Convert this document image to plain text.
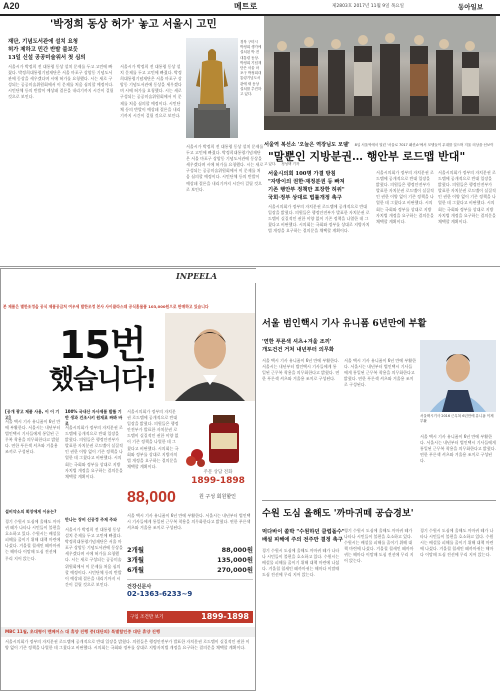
A20	메트로	제2803호 2017년 11월 9일 목요일	동아일보
'박정희 동상 허가' 놓고 서울시 고민
재단, 기념도서관에 설치 요청
허가 제하고 민간 반발 불보듯
13일 신설 공공미술위서 첫 심의
서울시가 박정희 전 대통령 동상 설치 문제를 두고 고민에 빠졌다. 박정희대통령기념재단은 서울 마포구 상암동 기념도서관에 동상을 세우겠다며 시에 허가를 요청했다. 시는 새로 구성되는 공공미술위원회에서 이 문제를 처음 심의할 예정이다. 시민단체 등의 반발이 예상돼 결론을 내리기까지 시간이 걸릴 것으로 보인다.
서울시가 박정희 전 대통령 동상 설치 문제를 두고 고민에 빠졌다. 박정희대통령기념재단은 서울 마포구 상암동 기념도서관에 동상을 세우겠다며 시에 허가를 요청했다. 시는 새로 구성되는 공공미술위원회에서 이 문제를 처음 심의할 예정이다. 시민단체 등의 반발이 예상돼 결론을 내리기까지 시간이 걸릴 것으로 보인다.
경북 구미시 박정희 생가에 설치된 박 전 대통령 동상. 박정희 기념재단은 서울 마포구 박정희대통령기념도서관에 새 동상 설치를 추진하고 있다.
서울역 복선소 '오늘은 역장님도 모델' 8일 서울역에서 열린 '서울로 7017 패션쇼'에서 모델들이 무대를 걸으며 겨울 의상을 선보이고 있다. 정성택 기자
서울시가 박정희 전 대통령 동상 설치 문제를 두고 고민에 빠졌다. 박정희대통령기념재단은 서울 마포구 상암동 기념도서관에 동상을 세우겠다며 시에 허가를 요청했다. 시는 새로 구성되는 공공미술위원회에서 이 문제를 처음 심의할 예정이다. 시민단체 등의 반발이 예상돼 결론을 내리기까지 시간이 걸릴 것으로 보인다.
"말뿐인 지방분권… 행안부 로드맵 반대"
서울시의회 100명 가결 방침
"자방이의 권한·재정분권 등 빠져
기존 행안부 정책만 포장한 허위"
국회·정부 상대로 법률개정 촉구
서울시의회가 정부의 자치분권 로드맵에 공개적으로 반대 입장을 밝혔다. 의원들은 행정안전부가 발표한 자치분권 로드맵이 실질적인 권한 이양 없이 기존 정책을 나열한 데 그쳤다고 비판했다. 시의회는 국회와 정부를 상대로 지방자치법 개정을 요구하는 결의문을 채택할 계획이다.
서울시의회가 정부의 자치분권 로드맵에 공개적으로 반대 입장을 밝혔다. 의원들은 행정안전부가 발표한 자치분권 로드맵이 실질적인 권한 이양 없이 기존 정책을 나열한 데 그쳤다고 비판했다. 시의회는 국회와 정부를 상대로 지방자치법 개정을 요구하는 결의문을 채택할 계획이다.
서울시의회가 정부의 자치분권 로드맵에 공개적으로 반대 입장을 밝혔다. 의원들은 행정안전부가 발표한 자치분권 로드맵이 실질적인 권한 이양 없이 기존 정책을 나열한 데 그쳤다고 비판했다. 시의회는 국회와 정부를 상대로 지방자치법 개정을 요구하는 결의문을 채택할 계획이다.
INPEELA
본 제품은 별한조정을 공식 제품공급처 여우세 발한조정 본사 사이클라스데 공식홈물품 103,000원으로 판매하고 있습니다
15번
했습니다!
[공개 광고 제품 사용, 이 이 기고]
서울 택시 기사 유니폼이 6년 만에 부활한다. 서울시는 내년부터 법인택시 기사들에게 통일된 근무복 착용을 의무화한다고 밝혔다. 연한 푸른색 셔츠와 겨울용 조끼로 구성된다.
설비약소의 회장에게 이유는?
경기 수원시 도심에 올해도 까마귀 떼가 나타나 시민들이 불편을 호소하고 있다. 수원시는 배설물 피해를 줄이기 위해 대책 마련에 나섰다. 겨울철 철새인 떼까마귀는 해마다 이맘때 도심 전선에 무리 지어 앉는다.
100% 국내산 자사제품 발틀 기반 생과 건조시키 원재료 짜봐 바로
서울시의회가 정부의 자치분권 로드맵에 공개적으로 반대 입장을 밝혔다. 의원들은 행정안전부가 발표한 자치분권 로드맵이 실질적인 권한 이양 없이 기존 정책을 나열한 데 그쳤다고 비판했다. 시의회는 국회와 정부를 상대로 지방자치법 개정을 요구하는 결의문을 채택할 계획이다.
만나는 장비 신공정 주제 주와
서울시가 박정희 전 대통령 동상 설치 문제를 두고 고민에 빠졌다. 박정희대통령기념재단은 서울 마포구 상암동 기념도서관에 동상을 세우겠다며 시에 허가를 요청했다. 시는 새로 구성되는 공공미술위원회에서 이 문제를 처음 심의할 예정이다. 시민단체 등의 반발이 예상돼 결론을 내리기까지 시간이 걸릴 것으로 보인다.
서울시의회가 정부의 자치분권 로드맵에 공개적으로 반대 입장을 밝혔다. 의원들은 행정안전부가 발표한 자치분권 로드맵이 실질적인 권한 이양 없이 기존 정책을 나열한 데 그쳤다고 비판했다. 시의회는 국회와 정부를 상대로 지방자치법 개정을 요구하는 결의문을 채택할 계획이다.
주문 상담 전화
1899-1898
88,000	원 구성 회원할인
서울 택시 기사 유니폼이 6년 만에 부활한다. 서울시는 내년부터 법인택시 기사들에게 통일된 근무복 착용을 의무화한다고 밝혔다. 연한 푸른색 셔츠와 겨울용 조끼로 구성된다.
2개월	88,000원
3개월	135,000원
6개월	270,000원
건강신문사
02-1363-6233~9
구입 조건만 보기	1899-1898
MBC 11월, 초대형이 맨페어스 대 휴양 진행 중(대단의) 특별할인중 대단 휴양 진행
서울시의회가 정부의 자치분권 로드맵에 공개적으로 반대 입장을 밝혔다. 의원들은 행정안전부가 발표한 자치분권 로드맵이 실질적인 권한 이양 없이 기존 정책을 나열한 데 그쳤다고 비판했다. 시의회는 국회와 정부를 상대로 지방자치법 개정을 요구하는 결의문을 채택할 계획이다.
서울 범인핵시 기사 유니폼 6년만에 부활
'연한 푸른색 셔츠+겨울 조끼'
개도건건 거처 내년부터 의무화
서울 택시 기사 유니폼이 6년 만에 부활한다. 서울시는 내년부터 법인택시 기사들에게 통일된 근무복 착용을 의무화한다고 밝혔다. 연한 푸른색 셔츠와 겨울용 조끼로 구성된다.
서울 택시 기사 유니폼이 6년 만에 부활한다. 서울시는 내년부터 법인택시 기사들에게 통일된 근무복 착용을 의무화한다고 밝혔다. 연한 푸른색 셔츠와 겨울용 조끼로 구성된다.
서울택시기사 2016 근무복 6년만에 유니폼 이제 부활
서울 택시 기사 유니폼이 6년 만에 부활한다. 서울시는 내년부터 법인택시 기사들에게 통일된 근무복 착용을 의무화한다고 밝혔다. 연한 푸른색 셔츠와 겨울용 조끼로 구성된다.
수원 도심 올해도 '까마귀떼 공습경보'
먹다바이 쏠박 "수원하던 클럽돌수"
배설 피해에 주의 전주만 결정 촉구
경기 수원시 도심에 올해도 까마귀 떼가 나타나 시민들이 불편을 호소하고 있다. 수원시는 배설물 피해를 줄이기 위해 대책 마련에 나섰다. 겨울철 철새인 떼까마귀는 해마다 이맘때 도심 전선에 무리 지어 앉는다.
경기 수원시 도심에 올해도 까마귀 떼가 나타나 시민들이 불편을 호소하고 있다. 수원시는 배설물 피해를 줄이기 위해 대책 마련에 나섰다. 겨울철 철새인 떼까마귀는 해마다 이맘때 도심 전선에 무리 지어 앉는다.
경기 수원시 도심에 올해도 까마귀 떼가 나타나 시민들이 불편을 호소하고 있다. 수원시는 배설물 피해를 줄이기 위해 대책 마련에 나섰다. 겨울철 철새인 떼까마귀는 해마다 이맘때 도심 전선에 무리 지어 앉는다.
